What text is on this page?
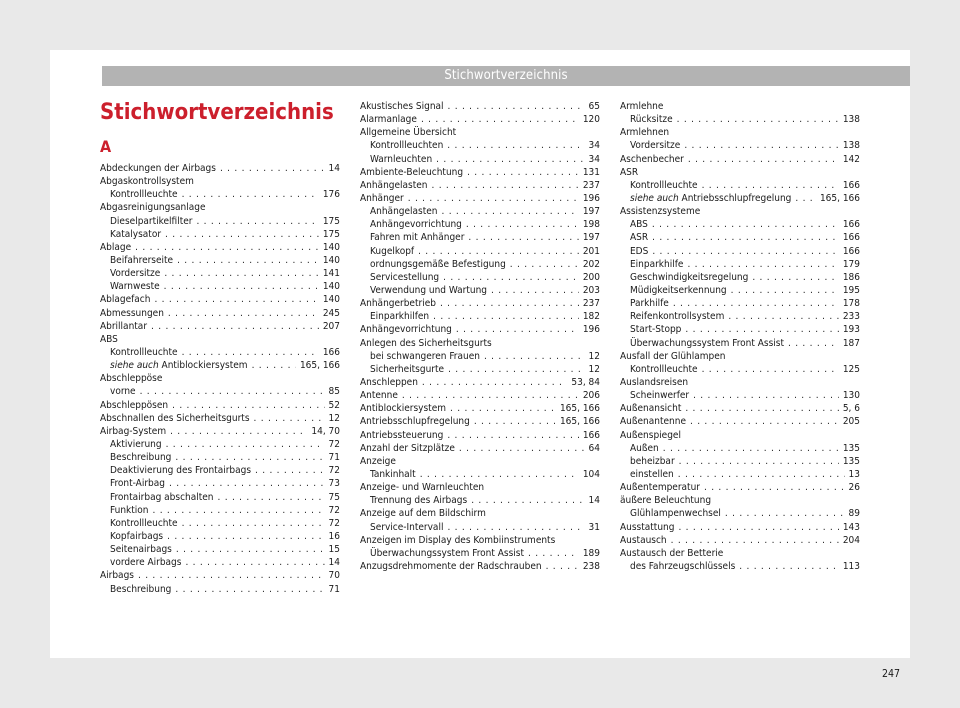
Stichwortverzeichnis
Stichwortverzeichnis
Abdeckungen der Airbags . . .	14
Abgaskontrollsystem
Kontrollleuchte . . .	176
Abgasreinigungsanlage
Dieselpartikelfilter . . .	175
Katalysator . . .	175
Ablage . . .	140
Beifahrerseite . . .	140
Vordersitze . . .	141
Warnweste . . .	140
Ablagefach . . .	140
Abmessungen . . .	245
Abrillantar . . .	207
ABS
Kontrollleuchte . . .	166
siehe auch Antiblockiersystem . . .	165, 166
Abschleppöse
vorne . . .	85
Abschleppösen . . .	52
Abschnallen des Sicherheitsgurts . . .	12
Airbag-System . . .	14, 70
Aktivierung . . .	72
Beschreibung . . .	71
Deaktivierung des Frontairbags . . .	72
Front-Airbag . . .	73
Frontairbag abschalten . . .	75
Funktion . . .	72
Kontrollleuchte . . .	72
Kopfairbags . . .	16
Seitenairbags . . .	15
vordere Airbags . . .	14
Airbags . . .	70
Beschreibung . . .	71
Akustisches Signal . . .	65
Alarmanlage . . .	120
Allgemeine Übersicht
Kontrollleuchten . . .	34
Warnleuchten . . .	34
Ambiente-Beleuchtung . . .	131
Anhängelasten . . .	237
Anhänger . . .	196
Anhängelasten . . .	197
Anhängevorrichtung . . .	198
Fahren mit Anhänger . . .	197
Kugelkopf . . .	201
ordnungsgemäße Befestigung . . .	202
Servicestellung . . .	200
Verwendung und Wartung . . .	203
Anhängerbetrieb . . .	237
Einparkhilfen . . .	182
Anhängevorrichtung . . .	196
Anlegen des Sicherheitsgurts
bei schwangeren Frauen . . .	12
Sicherheitsgurte . . .	12
Anschleppen . . .	53, 84
Antenne . . .	206
Antiblockiersystem . . .	165, 166
Antriebsschlupfregelung . . .	165, 166
Antriebssteuerung . . .	166
Anzahl der Sitzplätze . . .	64
Anzeige
Tankinhalt . . .	104
Anzeige- und Warnleuchten
Trennung des Airbags . . .	14
Anzeige auf dem Bildschirm
Service-Intervall . . .	31
Anzeigen im Display des Kombiinstruments
Überwachungssystem Front Assist . . .	189
Anzugsdrehmomente der Radschrauben . . .	238
Armlehne
Rücksitze . . .	138
Armlehnen
Vordersitze . . .	138
Aschenbecher . . .	142
ASR
Kontrollleuchte . . .	166
siehe auch Antriebsschlupfregelung . . .	165, 166
Assistenzsysteme
ABS . . .	166
ASR . . .	166
EDS . . .	166
Einparkhilfe . . .	179
Geschwindigkeitsregelung . . .	186
Müdigkeitserkennung . . .	195
Parkhilfe . . .	178
Reifenkontrollsystem . . .	233
Start-Stopp . . .	193
Überwachungssystem Front Assist . . .	187
Ausfall der Glühlampen
Kontrollleuchte . . .	125
Auslandsreisen
Scheinwerfer . . .	130
Außenansicht . . .	5, 6
Außenantenne . . .	205
Außenspiegel
Außen . . .	135
beheizbar . . .	135
einstellen . . .	13
Außentemperatur . . .	26
äußere Beleuchtung
Glühlampenwechsel . . .	89
Ausstattung . . .	143
Austausch . . .	204
Austausch der Betterie
des Fahrzeugschlüssels . . .	113
247
A
